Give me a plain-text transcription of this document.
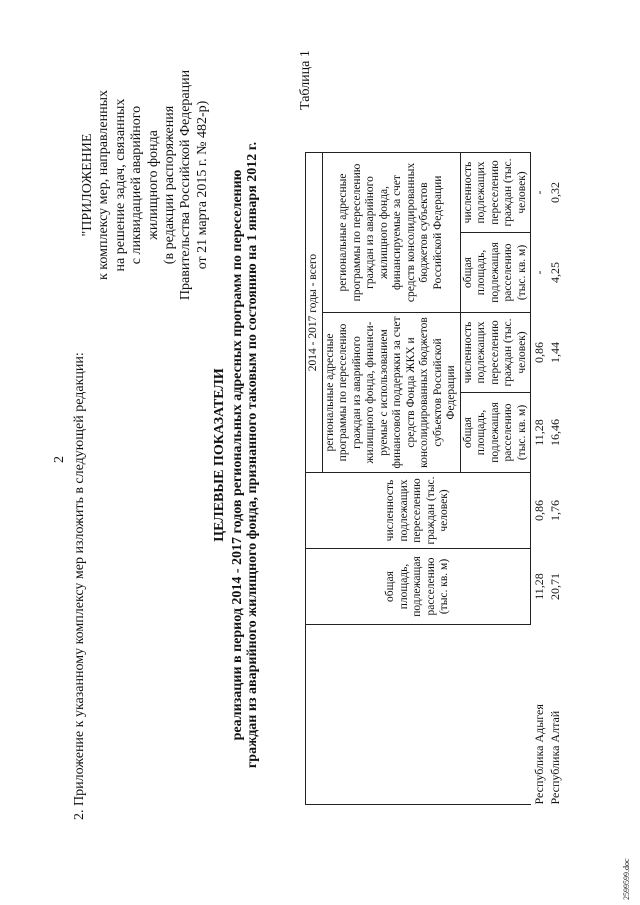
2 2. Приложение к указанному комплексу мер изложить в следующей редакции:
"ПРИЛОЖЕНИЕ к комплексу мер, направленных на решение задач, связанных с ликвидацией аварийного жилищного фонда (в редакции распоряжения Правительства Российской Федерации от 21 марта 2015 г. № 482-р)
ЦЕЛЕВЫЕ ПОКАЗАТЕЛИ реализации в период 2014 - 2017 годов региональных адресных программ по переселению граждан из аварийного жилищного фонда, признанного таковым по состоянию на 1 января 2012 г.
Таблица 1
	общая площадь, подлежащая расселению (тыс. кв. м)	численность подлежащих переселению граждан (тыс. человек)	2014 - 2017 годы - всего			
			региональные адресные программы по переселению граждан из аварийного жилищного фонда, финанси-руемые с использованием финансовой поддержки за счет средств Фонда ЖКХ и консолидированных бюджетов субъектов Российской Федерации		региональные адресные программы по переселению граждан из аварийного жилищного фонда, финансируемые за счет средств консолидированных бюджетов субъектов Российской Федерации	
			общая площадь, подлежащая расселению (тыс. кв. м)	численность подлежащих переселению граждан (тыс. человек)	общая площадь, подлежащая расселению (тыс. кв. м)	численность подлежащих переселению граждан (тыс. человек)
Республика Адыгея	11,28	0,86	11,28	0,86	-	-
Республика Алтай	20,71	1,76	16,46	1,44	4,25	0,32
2599599.doc
